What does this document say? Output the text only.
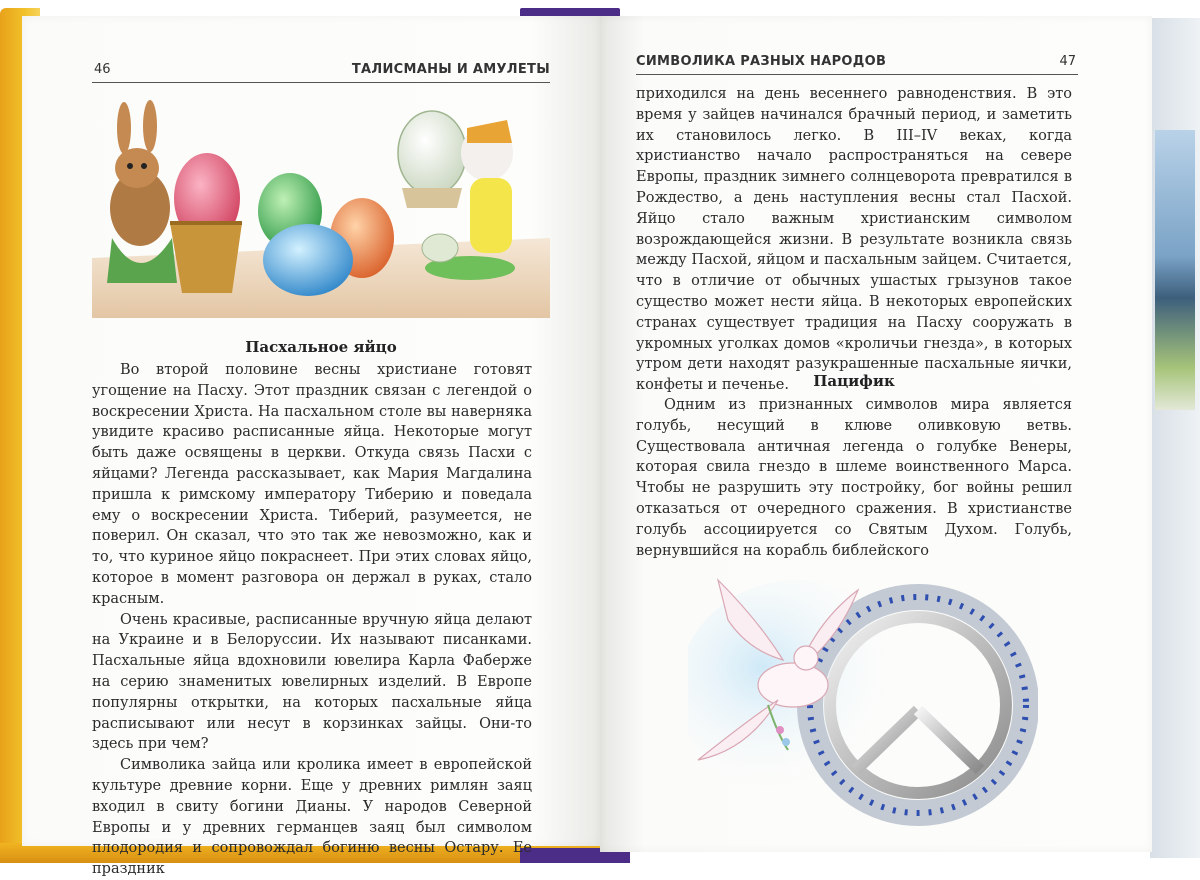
46	ТАЛИСМАНЫ И АМУЛЕТЫ
СИМВОЛИКА РАЗНЫХ НАРОДОВ	47
Пасхальное яйцо

Во второй половине весны христиане готовят угощение на Пасху. Этот праздник связан с легендой о воскресении Христа. На пасхальном столе вы наверняка увидите красиво расписанные яйца. Некоторые могут быть даже освящены в церкви. Откуда связь Пасхи с яйцами? Легенда рассказывает, как Мария Магдалина пришла к римскому императору Тиберию и поведала ему о воскресении Христа. Тиберий, разумеется, не поверил. Он сказал, что это так же невозможно, как и то, что куриное яйцо покраснеет. При этих словах яйцо, которое в момент разговора он держал в руках, стало красным.

Очень красивые, расписанные вручную яйца делают на Украине и в Белоруссии. Их называют писанками. Пасхальные яйца вдохновили ювелира Карла Фаберже на серию знаменитых ювелирных изделий. В Европе популярны открытки, на которых пасхальные яйца расписывают или несут в корзинках зайцы. Они-то здесь при чем?

Символика зайца или кролика имеет в европейской культуре древние корни. Еще у древних римлян заяц входил в свиту богини Дианы. У народов Северной Европы и у древних германцев заяц был символом плодородия и сопровождал богиню весны Остару. Ее праздник

приходился на день весеннего равноденствия. В это время у зайцев начинался брачный период, и заметить их становилось легко. В III–IV веках, когда христианство начало распространяться на севере Европы, праздник зимнего солнцеворота превратился в Рождество, а день наступления весны стал Пасхой. Яйцо стало важным христианским символом возрождающейся жизни. В результате возникла связь между Пасхой, яйцом и пасхальным зайцем. Считается, что в отличие от обычных ушастых грызунов такое существо может нести яйца. В некоторых европейских странах существует традиция на Пасху сооружать в укромных уголках домов «кроличьи гнезда», в которых утром дети находят разукрашенные пасхальные яички, конфеты и печенье.	Пацифик

Одним из признанных символов мира является голубь, несущий в клюве оливковую ветвь. Существовала античная легенда о голубке Венеры, которая свила гнездо в шлеме воинственного Марса. Чтобы не разрушить эту постройку, бог войны решил отказаться от очередного сражения. В христианстве голубь ассоциируется со Святым Духом. Голубь, вернувшийся на корабль библейского
